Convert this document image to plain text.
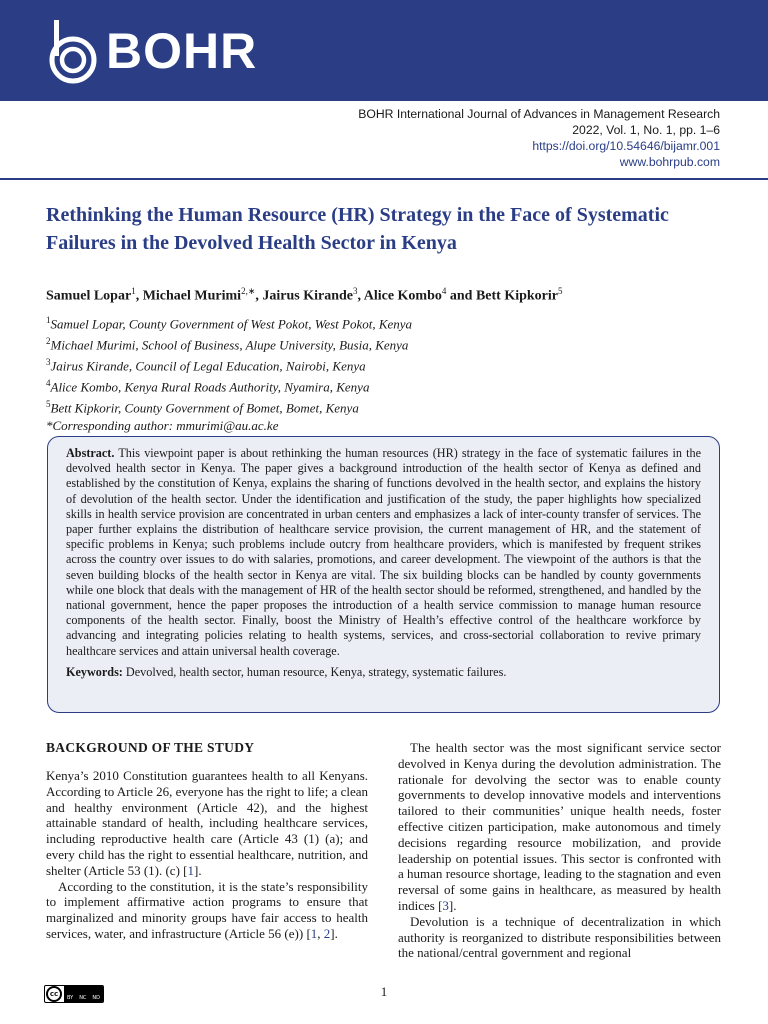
BOHR
BOHR International Journal of Advances in Management Research
2022, Vol. 1, No. 1, pp. 1–6
https://doi.org/10.54646/bijamr.001
www.bohrpub.com
Rethinking the Human Resource (HR) Strategy in the Face of Systematic Failures in the Devolved Health Sector in Kenya
Samuel Lopar$^1$, Michael Murimi$^{2,∗}$, Jairus Kirande$^3$, Alice Kombo$^4$ and Bett Kipkorir$^5$
$^1$Samuel Lopar, County Government of West Pokot, West Pokot, Kenya
$^2$Michael Murimi, School of Business, Alupe University, Busia, Kenya
$^3$Jairus Kirande, Council of Legal Education, Nairobi, Kenya
$^4$Alice Kombo, Kenya Rural Roads Authority, Nyamira, Kenya
$^5$Bett Kipkorir, County Government of Bomet, Bomet, Kenya
*Corresponding author: mmurimi@au.ac.ke

Abstract. This viewpoint paper is about rethinking the human resources (HR) strategy in the face of systematic failures in the devolved health sector in Kenya. The paper gives a background introduction of the health sector of Kenya as defined and established by the constitution of Kenya, explains the sharing of functions devolved in the health sector, and explains the history of devolution of the health sector. Under the identification and justification of the study, the paper highlights how specialized skills in health service provision are concentrated in urban centers and emphasizes a lack of inter-county transfer of services. The paper further explains the distribution of healthcare service provision, the current management of HR, and the statement of specific problems in Kenya; such problems include outcry from healthcare providers, which is manifested by frequent strikes across the country over issues to do with salaries, promotions, and career development. The viewpoint of the authors is that the seven building blocks of the health sector in Kenya are vital. The six building blocks can be handled by county governments while one block that deals with the management of HR of the health sector should be reformed, strengthened, and handled by the national government, hence the paper proposes the introduction of a health service commission to manage human resource components of the health sector. Finally, boost the Ministry of Health’s effective control of the healthcare workforce by advancing and integrating policies relating to health systems, services, and cross-sectorial collaboration to revive primary healthcare services and attain universal health coverage.

Keywords: Devolved, health sector, human resource, Kenya, strategy, systematic failures.

BACKGROUND OF THE STUDY

Kenya’s 2010 Constitution guarantees health to all Kenyans. According to Article 26, everyone has the right to life; a clean and healthy environment (Article 42), and the highest attainable standard of health, including healthcare services, including reproductive health care (Article 43 (1) (a); and every child has the right to essential healthcare, nutrition, and shelter (Article 53 (1). (c) [1].

According to the constitution, it is the state’s responsibility to implement affirmative action programs to ensure that marginalized and minority groups have fair access to health services, water, and infrastructure (Article 56 (e)) [1, 2].

The health sector was the most significant service sector devolved in Kenya during the devolution administration. The rationale for devolving the sector was to enable county governments to develop innovative models and interventions tailored to their communities’ unique health needs, foster effective citizen participation, make autonomous and timely decisions regarding resource mobilization, and provide leadership on potential issues. This sector is confronted with a human resource shortage, leading to the stagnation and even reversal of some gains in healthcare, as measured by health indices [3].

Devolution is a technique of decentralization in which authority is reorganized to distribute responsibilities between the national/central government and regional

cc	BY NC ND	1
